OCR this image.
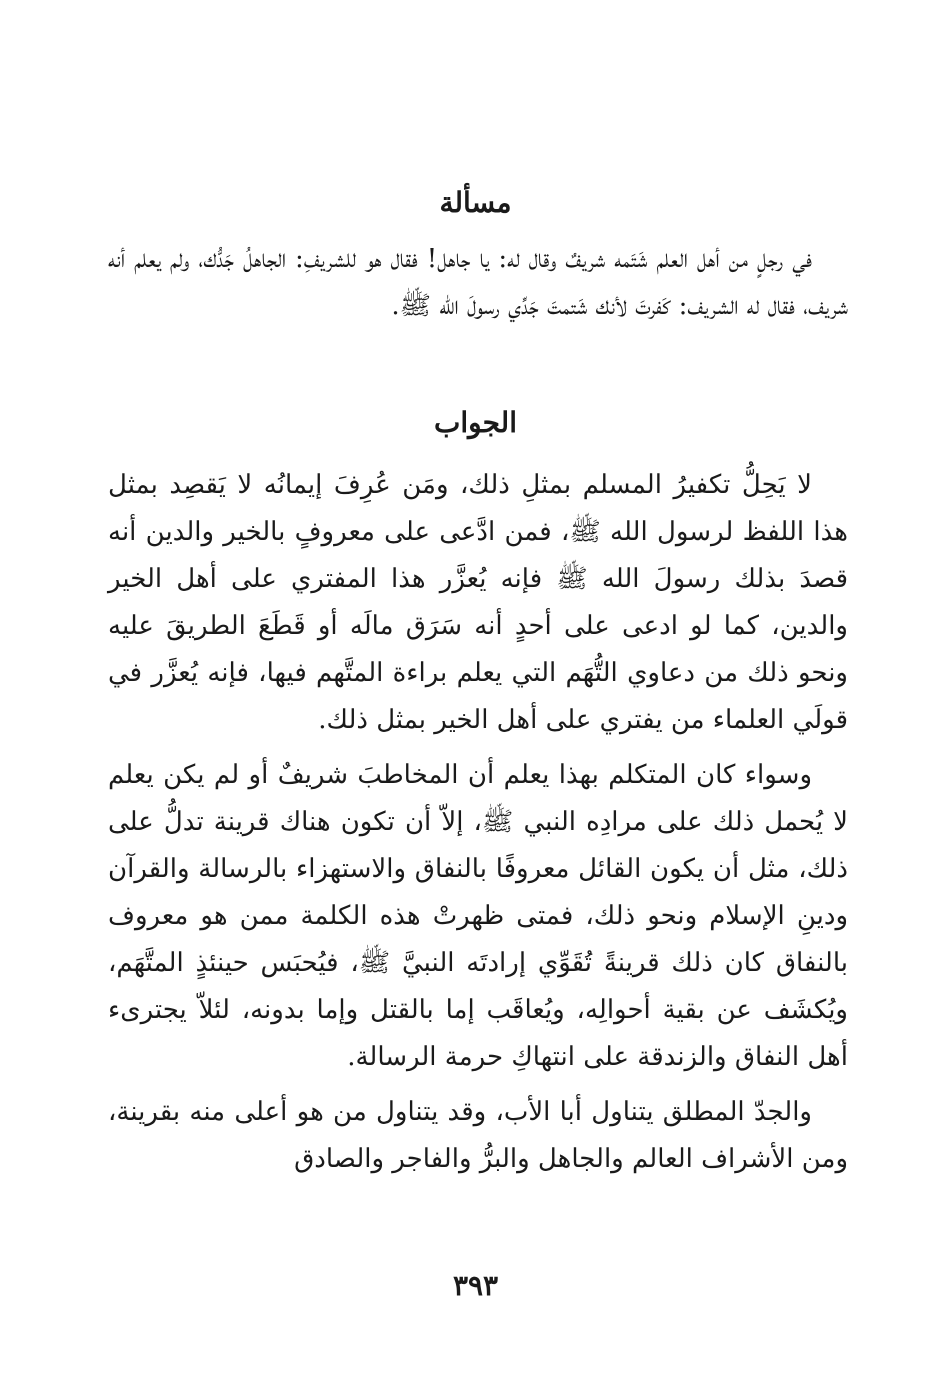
مسألة

في رجلٍ من أهل العلم شَتَمه شريفٌ وقال له: يا جاهل! فقال هو للشريفِ: الجاهلُ جَدُّك، ولم يعلم أنه شريف، فقال له الشريف: كَفرتَ لأنك شَتمتَ جَدِّي رسولَ الله ﷺ.

الجواب

لا يَحِلُّ تكفيرُ المسلم بمثلِ ذلك، ومَن عُرِفَ إيمانُه لا يَقصِد بمثل هذا اللفظ لرسول الله ﷺ، فمن ادَّعى على معروفٍ بالخير والدين أنه قصدَ بذلك رسولَ الله ﷺ فإنه يُعزَّر هذا المفتري على أهل الخير والدين، كما لو ادعى على أحدٍ أنه سَرَق مالَه أو قَطَعَ الطريقَ عليه ونحو ذلك من دعاوي التُّهَم التي يعلم براءة المتَّهم فيها، فإنه يُعزَّر في قولَي العلماء من يفتري على أهل الخير بمثل ذلك.

وسواء كان المتكلم بهذا يعلم أن المخاطبَ شريفٌ أو لم يكن يعلم لا يُحمل ذلك على مرادِه النبي ﷺ، إلاّ أن تكون هناك قرينة تدلُّ على ذلك، مثل أن يكون القائل معروفًا بالنفاق والاستهزاء بالرسالة والقرآن ودينِ الإسلام ونحو ذلك، فمتى ظهرتْ هذه الكلمة ممن هو معروف بالنفاق كان ذلك قرينةً تُقَوِّي إرادتَه النبيَّ ﷺ، فيُحبَس حينئذٍ المتَّهَم، ويُكشَف عن بقية أحوالِه، ويُعاقَب إما بالقتل وإما بدونه، لئلاّ يجترىء أهل النفاق والزندقة على انتهاكِ حرمة الرسالة.

والجدّ المطلق يتناول أبا الأب، وقد يتناول من هو أعلى منه بقرينة، ومن الأشراف العالم والجاهل والبرُّ والفاجر والصادق

٣٩٣
